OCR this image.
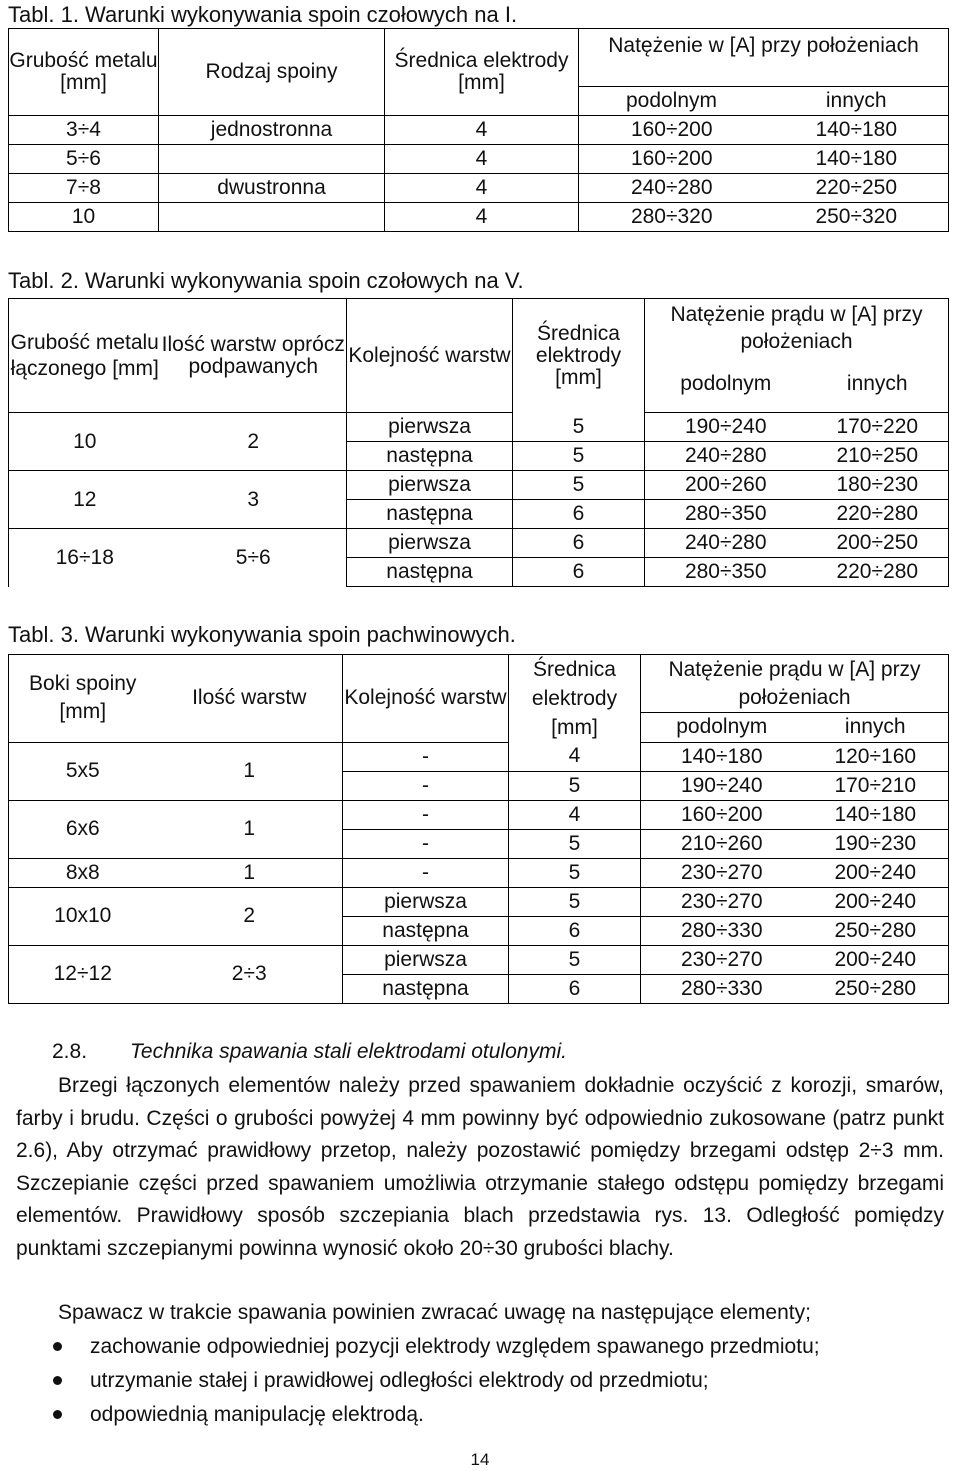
Tabl. 1. Warunki wykonywania spoin czołowych na I.
Grubość metalu [mm]	Rodzaj spoiny	Średnica elektrody [mm]	
Natężenie w [A] przy położeniach

			podolnym	innych
3÷4	jednostronna	4	160÷200	140÷180
5÷6		4	160÷200	140÷180
7÷8	dwustronna	4	240÷280	220÷250
10		4	280÷320	250÷320
Tabl. 2. Warunki wykonywania spoin czołowych na V.
Grubość metalu łączonego [mm]	Ilość warstw oprócz podpawanych	Kolejność warstw	Średnica elektrody [mm]	Natężenie prądu w [A] przy położeniach	
				podolnym	innych
10	2	pierwsza	5	190÷240	170÷220
		następna	5	240÷280	210÷250
12	3	pierwsza	5	200÷260	180÷230
		następna	6	280÷350	220÷280
16÷18	5÷6	pierwsza	6	240÷280	200÷250
		następna	6	280÷350	220÷280
Tabl. 3. Warunki wykonywania spoin pachwinowych.
Boki spoiny [mm]	Ilość warstw	Kolejność warstw	Średnica elektrody [mm]	Natężenie prądu w [A] przy położeniach	
				podolnym	innych
5x5	1	-	4	140÷180	120÷160
		-	5	190÷240	170÷210
6x6	1	-	4	160÷200	140÷180
		-	5	210÷260	190÷230
8x8	1	-	5	230÷270	200÷240
10x10	2	pierwsza	5	230÷270	200÷240
		następna	6	280÷330	250÷280
12÷12	2÷3	pierwsza	5	230÷270	200÷240
		następna	6	280÷330	250÷280
2.8. Technika spawania stali elektrodami otulonymi.

Brzegi łączonych elementów należy przed spawaniem dokładnie oczyścić z korozji, smarów, farby i brudu. Części o grubości powyżej 4 mm powinny być odpowiednio zukosowane (patrz punkt 2.6), Aby otrzymać prawidłowy przetop, należy pozostawić pomiędzy brzegami odstęp 2÷3 mm. Szczepianie części przed spawaniem umożliwia otrzymanie stałego odstępu pomiędzy brzegami elementów. Prawidłowy sposób szczepiania blach przedstawia rys. 13. Odległość pomiędzy punktami szczepianymi powinna wynosić około 20÷30 grubości blachy.

Spawacz w trakcie spawania powinien zwracać uwagę na następujące elementy;

zachowanie odpowiedniej pozycji elektrody względem spawanego przedmiotu;
utrzymanie stałej i prawidłowej odległości elektrody od przedmiotu;
odpowiednią manipulację elektrodą.
14
